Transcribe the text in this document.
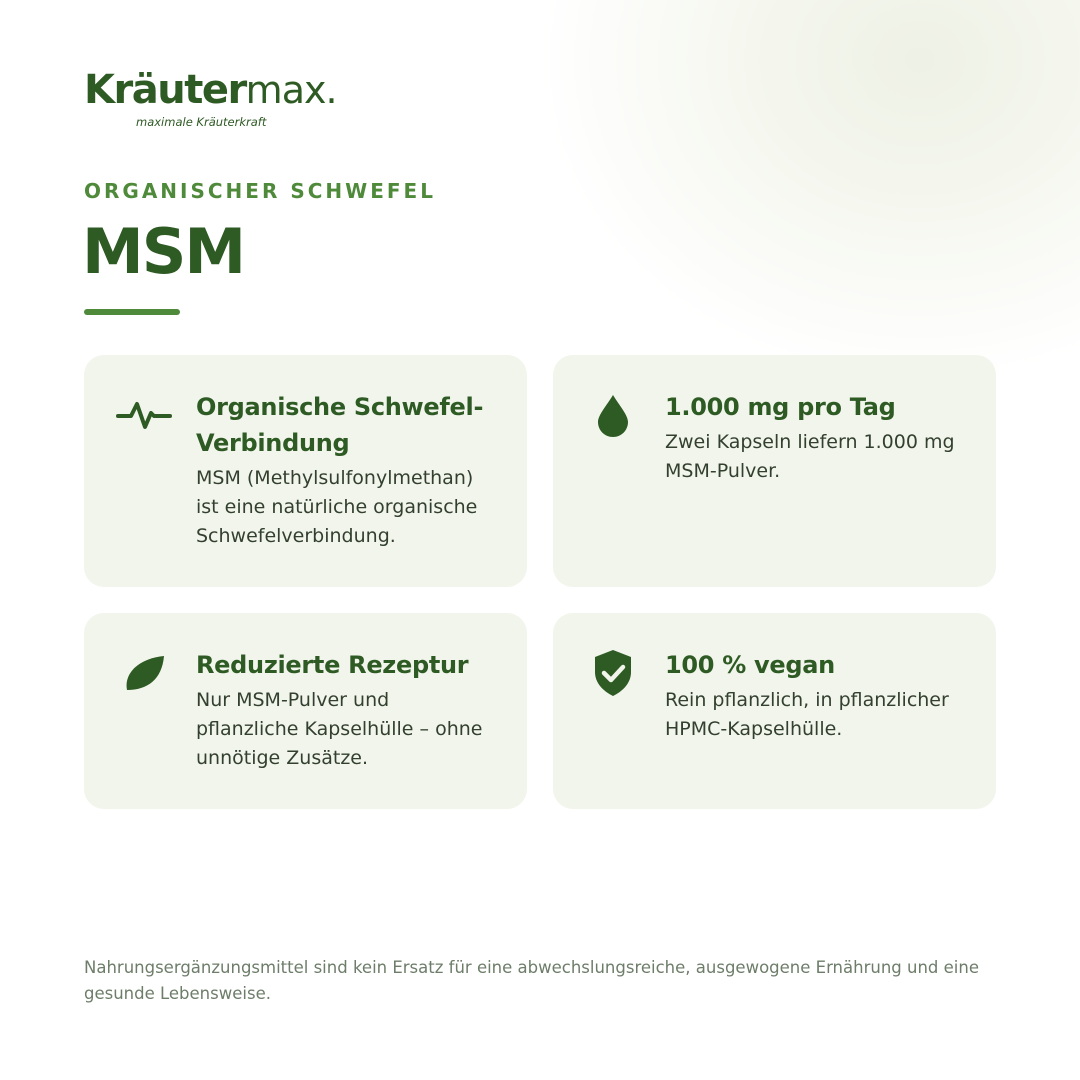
Kräuter max.
maximale Kräuterkraft
ORGANISCHER SCHWEFEL
MSM
Organische Schwefel-Verbindung
MSM (Methylsulfonylmethan) ist eine natürliche organische Schwefelverbindung.
1.000 mg pro Tag
Zwei Kapseln liefern 1.000 mg MSM-Pulver.
Reduzierte Rezeptur
Nur MSM-Pulver und pflanzliche Kapselhülle – ohne unnötige Zusätze.
100 % vegan
Rein pflanzlich, in pflanzlicher HPMC-Kapselhülle.
Nahrungsergänzungsmittel sind kein Ersatz für eine abwechslungsreiche, ausgewogene Ernährung und eine gesunde Lebensweise.
